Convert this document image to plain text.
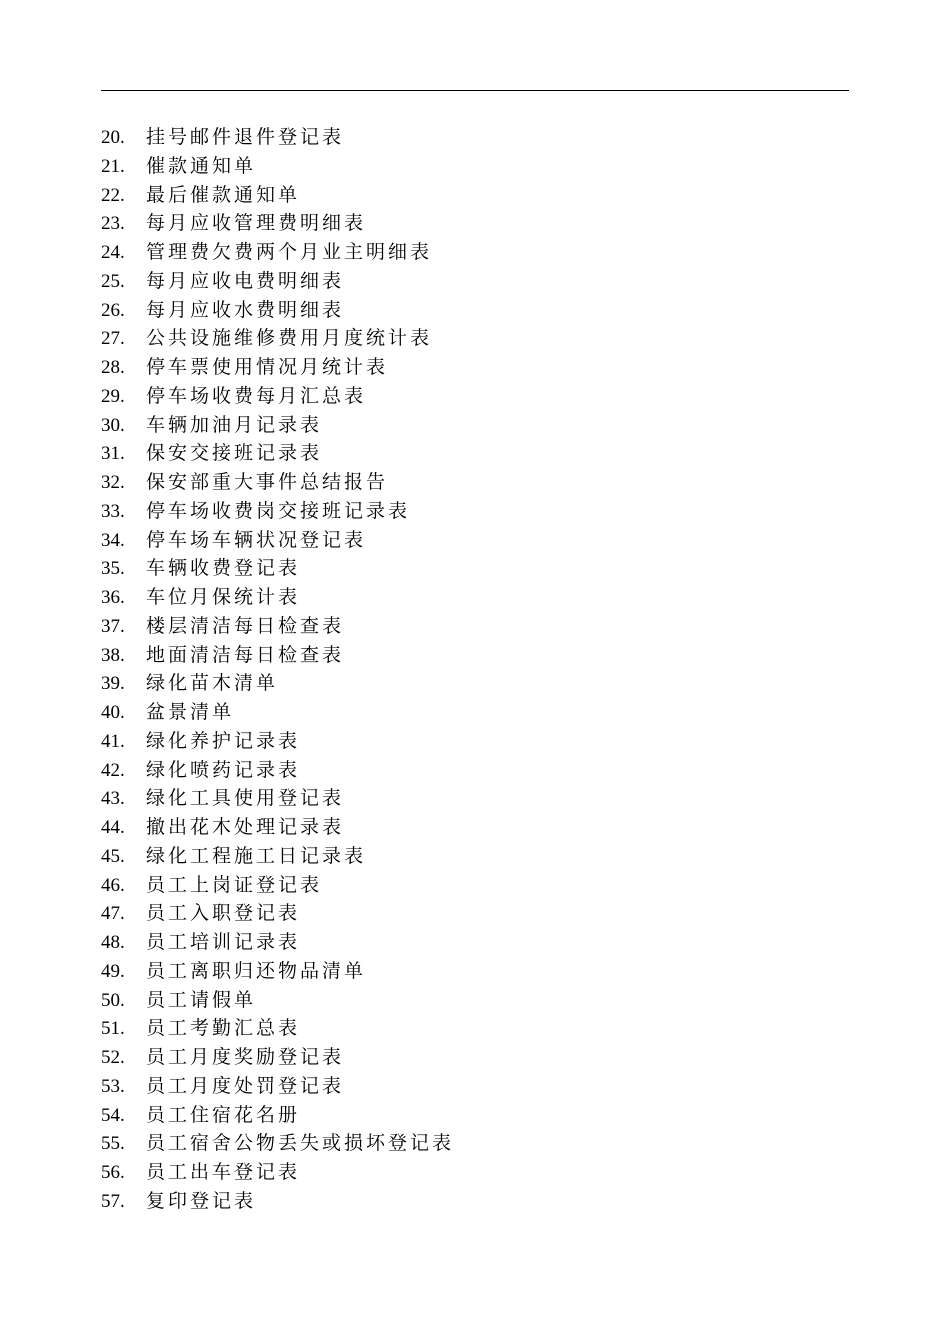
20. 挂号邮件退件登记表
21. 催款通知单
22. 最后催款通知单
23. 每月应收管理费明细表
24. 管理费欠费两个月业主明细表
25. 每月应收电费明细表
26. 每月应收水费明细表
27. 公共设施维修费用月度统计表
28. 停车票使用情况月统计表
29. 停车场收费每月汇总表
30. 车辆加油月记录表
31. 保安交接班记录表
32. 保安部重大事件总结报告
33. 停车场收费岗交接班记录表
34. 停车场车辆状况登记表
35. 车辆收费登记表
36. 车位月保统计表
37. 楼层清洁每日检查表
38. 地面清洁每日检查表
39. 绿化苗木清单
40. 盆景清单
41. 绿化养护记录表
42. 绿化喷药记录表
43. 绿化工具使用登记表
44. 撤出花木处理记录表
45. 绿化工程施工日记录表
46. 员工上岗证登记表
47. 员工入职登记表
48. 员工培训记录表
49. 员工离职归还物品清单
50. 员工请假单
51. 员工考勤汇总表
52. 员工月度奖励登记表
53. 员工月度处罚登记表
54. 员工住宿花名册
55. 员工宿舍公物丢失或损坏登记表
56. 员工出车登记表
57. 复印登记表
